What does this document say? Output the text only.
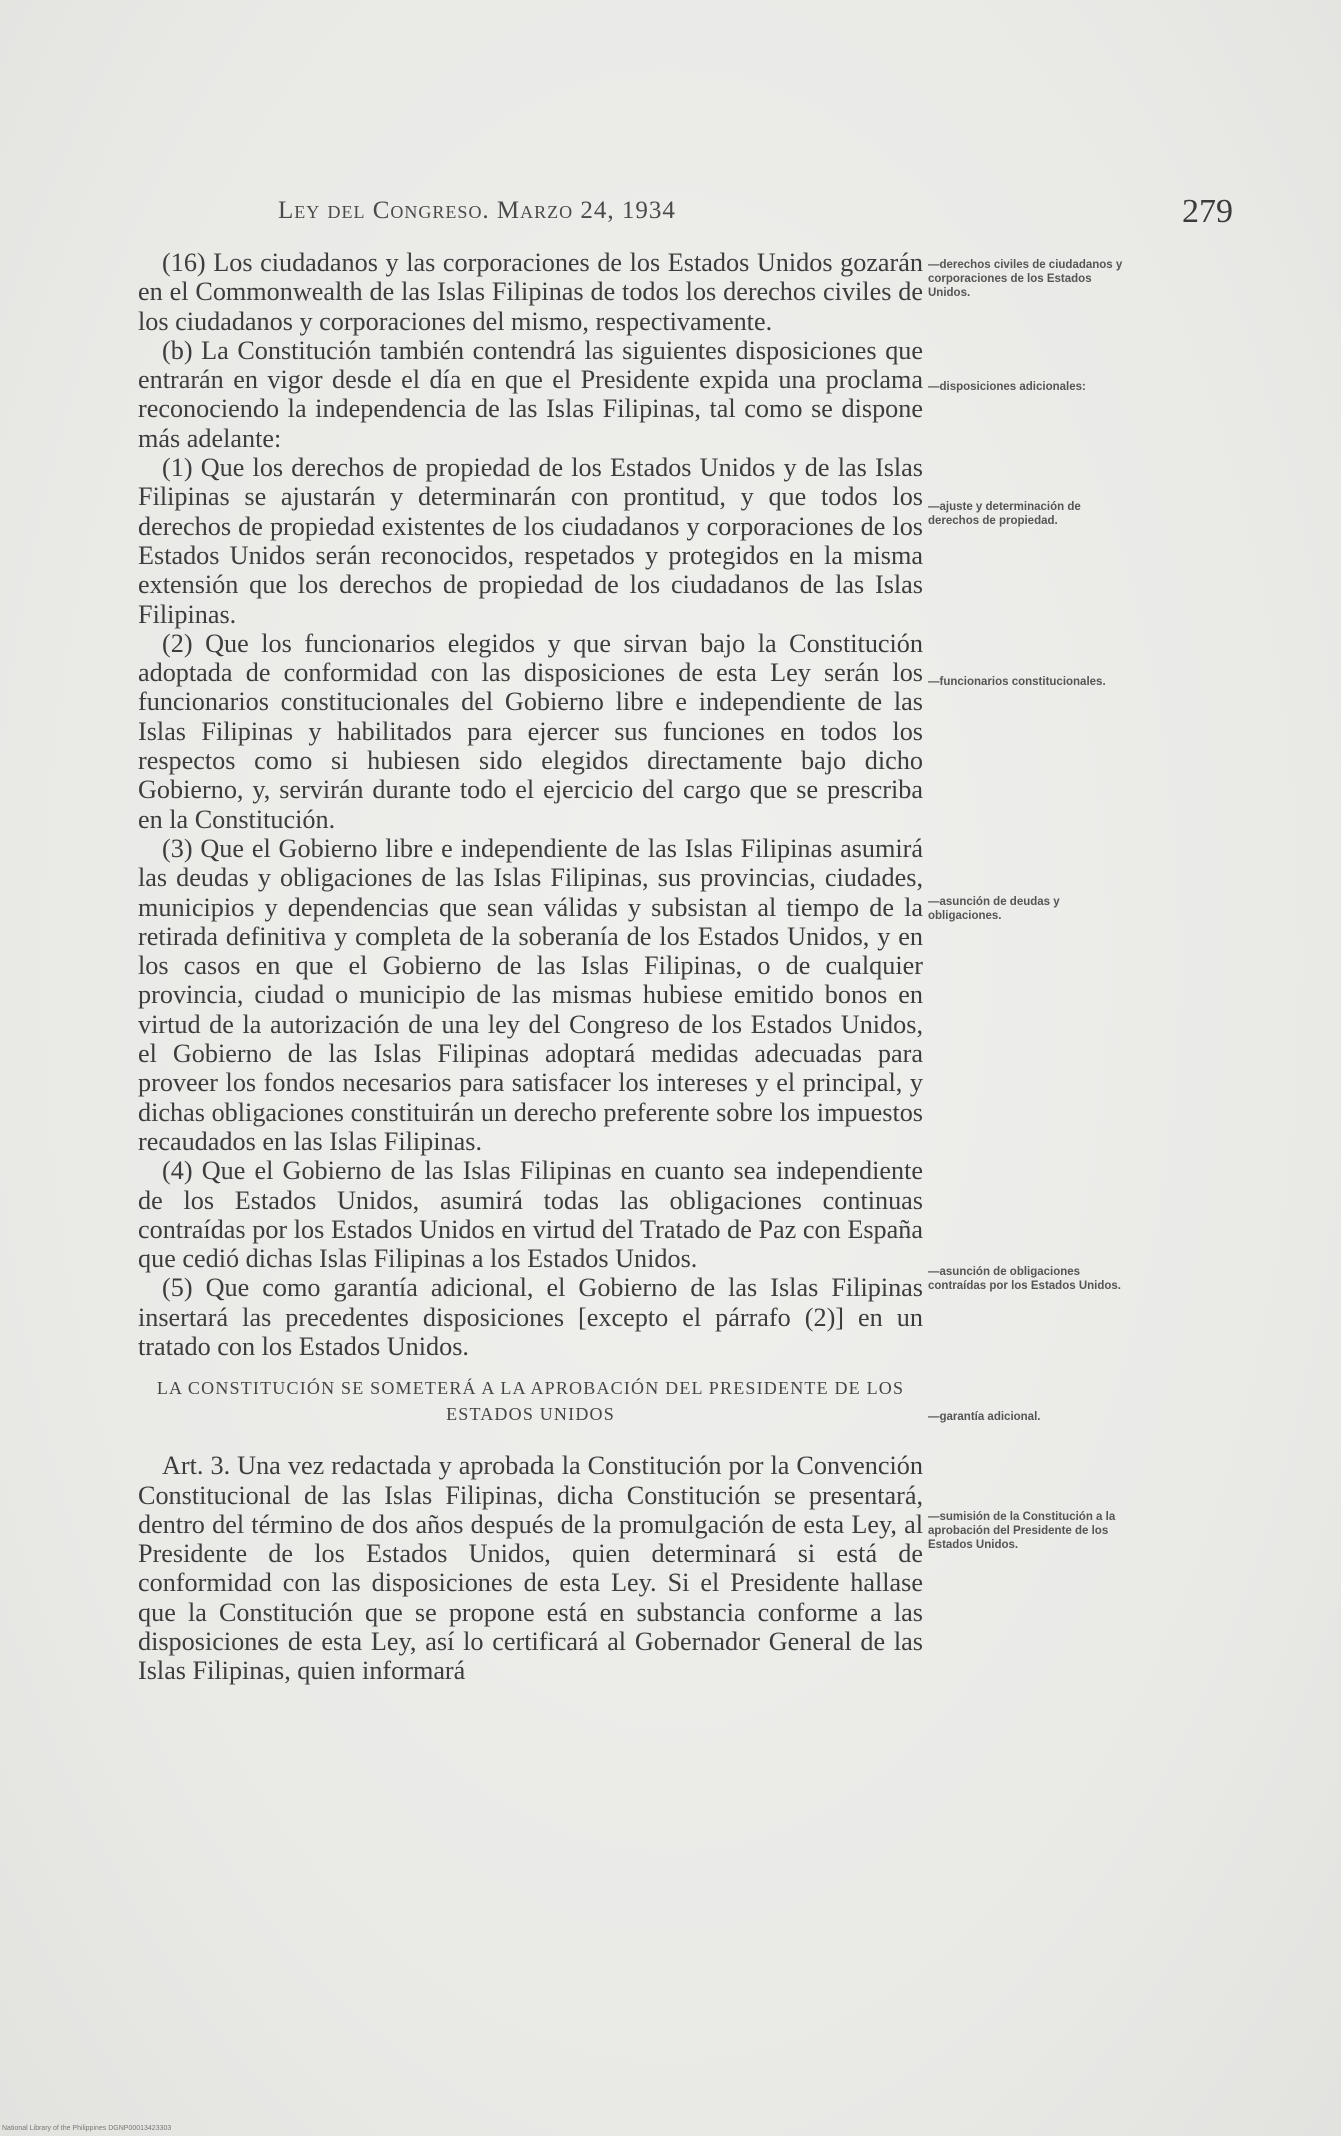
Ley del Congreso. Marzo 24, 1934	279

(16) Los ciudadanos y las corporaciones de los Estados Unidos gozarán en el Commonwealth de las Islas Filipinas de todos los derechos civiles de los ciudadanos y corporaciones del mismo, respectivamente.

(b) La Constitución también contendrá las siguientes disposiciones que entrarán en vigor desde el día en que el Presidente expida una proclama reconociendo la independencia de las Islas Filipinas, tal como se dispone más adelante:

(1) Que los derechos de propiedad de los Estados Unidos y de las Islas Filipinas se ajustarán y determinarán con prontitud, y que todos los derechos de propiedad existentes de los ciudadanos y corporaciones de los Estados Unidos serán reconocidos, respetados y protegidos en la misma extensión que los derechos de propiedad de los ciudadanos de las Islas Filipinas.

(2) Que los funcionarios elegidos y que sirvan bajo la Constitución adoptada de conformidad con las disposiciones de esta Ley serán los funcionarios constitucionales del Gobierno libre e independiente de las Islas Filipinas y habilitados para ejercer sus funciones en todos los respectos como si hubiesen sido elegidos directamente bajo dicho Gobierno, y, servirán durante todo el ejercicio del cargo que se prescriba en la Constitución.

(3) Que el Gobierno libre e independiente de las Islas Filipinas asumirá las deudas y obligaciones de las Islas Filipinas, sus provincias, ciudades, municipios y dependencias que sean válidas y subsistan al tiempo de la retirada definitiva y completa de la soberanía de los Estados Unidos, y en los casos en que el Gobierno de las Islas Filipinas, o de cualquier provincia, ciudad o municipio de las mismas hubiese emitido bonos en virtud de la autorización de una ley del Congreso de los Estados Unidos, el Gobierno de las Islas Filipinas adoptará medidas adecuadas para proveer los fondos necesarios para satisfacer los intereses y el principal, y dichas obligaciones constituirán un derecho preferente sobre los impuestos recaudados en las Islas Filipinas.

(4) Que el Gobierno de las Islas Filipinas en cuanto sea independiente de los Estados Unidos, asumirá todas las obligaciones continuas contraídas por los Estados Unidos en virtud del Tratado de Paz con España que cedió dichas Islas Filipinas a los Estados Unidos.

(5) Que como garantía adicional, el Gobierno de las Islas Filipinas insertará las precedentes disposiciones [excepto el párrafo (2)] en un tratado con los Estados Unidos.

LA CONSTITUCIÓN SE SOMETERÁ A LA APROBACIÓN DEL PRESIDENTE DE LOS ESTADOS UNIDOS

Art. 3. Una vez redactada y aprobada la Constitución por la Convención Constitucional de las Islas Filipinas, dicha Constitución se presentará, dentro del término de dos años después de la promulgación de esta Ley, al Presidente de los Estados Unidos, quien determinará si está de conformidad con las disposiciones de esta Ley. Si el Presidente hallase que la Constitución que se propone está en substancia conforme a las disposiciones de esta Ley, así lo certificará al Gobernador General de las Islas Filipinas, quien informará

—derechos civiles de ciudadanos y corporaciones de los Estados Unidos.
—disposiciones adicionales:
—ajuste y determinación de derechos de propiedad.
—funcionarios constitucionales.
—asunción de deudas y obligaciones.
—asunción de obligaciones contraídas por los Estados Unidos.
—garantía adicional.
—sumisión de la Constitución a la aprobación del Presidente de los Estados Unidos.
National Library of the Philippines DGNP00013423303
